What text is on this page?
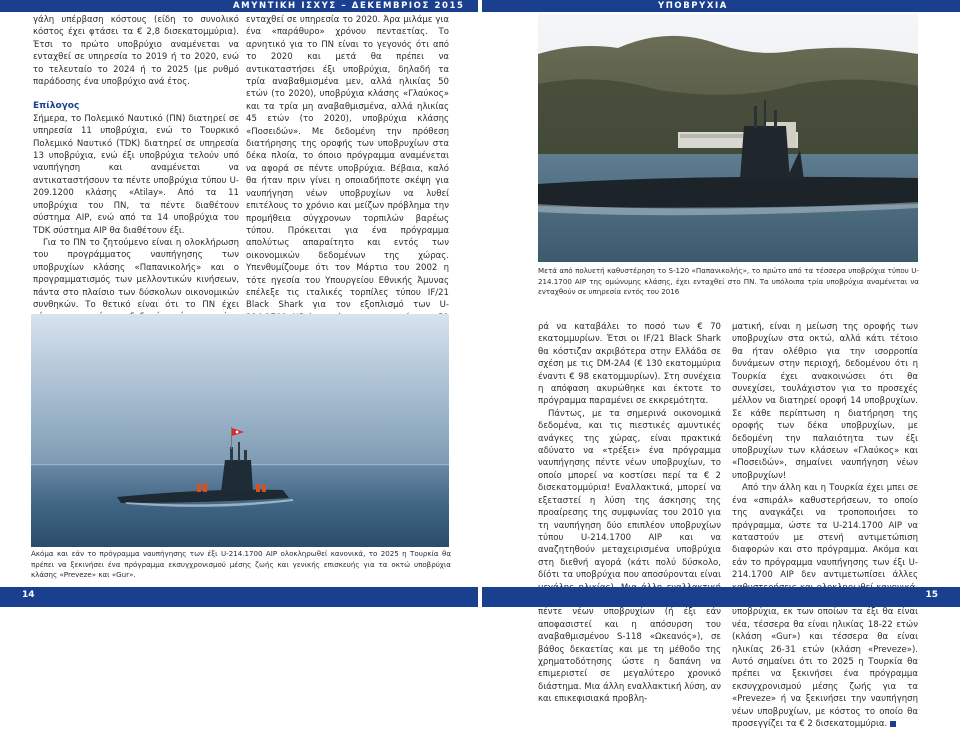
ΑΜΥΝΤΙΚΗ ΙΣΧΥΣ – ΔΕΚΕΜΒΡΙΟΣ 2015	ΥΠΟΒΡΥΧΙΑ

γάλη υπέρβαση κόστους (είδη το συνολικό κόστος έχει φτάσει τα € 2,8 δισεκατομμύρια). Έτσι το πρώτο υποβρύχιο αναμένεται να ενταχθεί σε υπηρεσία το 2019 ή το 2020, ενώ το τελευταίο το 2024 ή το 2025 (με ρυθμό παράδοσης ένα υποβρύχιο ανά έτος.

Επίλογος

Σήμερα, το Πολεμικό Ναυτικό (ΠΝ) διατηρεί σε υπηρεσία 11 υποβρύχια, ενώ το Τουρκικό Πολεμικό Ναυτικό (ΤDK) διατηρεί σε υπηρεσία 13 υποβρύχια, ενώ έξι υποβρύχια τελούν υπό ναυπήγηση και αναμένεται να αντικαταστήσουν τα πέντε υποβρύχια τύπου U-209.1200 κλάσης «Atilay». Από τα 11 υποβρύχια του ΠΝ, τα πέντε διαθέτουν σύστημα AIP, ενώ από τα 14 υποβρύχια του TDK σύστημα AIP θα διαθέτουν έξι.

Για το ΠΝ το ζητούμενο είναι η ολοκλήρωση του προγράμματος ναυπήγησης των υποβρυχίων κλάσης «Παπανικολής» και ο προγραμματισμός των μελλοντικών κινήσεων, πάντα στο πλαίσιο των δύσκολων οικονομικών συνθηκών. Το θετικό είναι ότι το ΠΝ έχει

ενταχθεί σε υπηρεσία το 2020. Άρα μιλάμε για ένα «παράθυρο» χρόνου πενταετίας. Το αρνητικό για το ΠΝ είναι το γεγονός ότι από το 2020 και μετά θα πρέπει να αντικαταστήσει έξι υποβρύχια, δηλαδή τα τρία αναβαθμισμένα μεν, αλλά ηλικίας 50 ετών (το 2020), υποβρύχια κλάσης «Γλαύκος» και τα τρία μη αναβαθμισμένα, αλλά ηλικίας 45 ετών (το 2020), υποβρύχια κλάσης «Ποσειδών». Με δεδομένη την πρόθεση διατήρησης της οροφής των υποβρυχίων στα δέκα πλοία, το όποιο πρόγραμμα αναμένεται να αφορά σε πέντε υποβρύχια. Βέβαια, καλό θα ήταν πριν γίνει η οποιαδήποτε σκέψη για ναυπήγηση νέων υποβρυχίων να λυθεί επιτέλους το χρόνιο και μείζων πρόβλημα την προμήθεια σύγχρονων τορπιλών βαρέως τύπου. Πρόκειται για ένα πρόγραμμα απολύτως απαραίτητο και εντός των οικονομικών δεδομένων της χώρας. Υπενθυμίζουμε ότι τον Μάρτιο του 2002 η τότε ηγεσία του Υπουργείου Εθνικής Άμυνας επέλεξε τις ιταλικές τορπίλες τύπου IF/21 Black Shark για τον εξοπλισμό των U-

Ακόμα και εάν το πρόγραμμα ναυπήγησης των έξι U-214.1700 AIP ολοκληρωθεί κανονικά, το 2025 η Τουρκία θα πρέπει να ξεκινήσει ένα πρόγραμμα εκσυγχρονισμού μέσης ζωής και γενικής επισκευής για τα οκτώ υποβρύχια κλάσης «Preveze» και «Gur».
Μετά από πολυετή καθυστέρηση το S-120 «Παπανικολής», το πρώτο από τα τέσσερα υποβρύχια τύπου U-214.1700 AIP της ομώνυμης κλάσης, έχει ενταχθεί στο ΠΝ. Τα υπόλοιπα τρία υποβρύχια αναμένεται να ενταχθούν σε υπηρεσία εντός του 2016

ρά να καταβάλει το ποσό των € 70 εκατομμυρίων. Έτσι οι IF/21 Black Shark θα κόστιζαν ακριβότερα στην Ελλάδα σε σχέση με τις DM-2A4 (€ 130 εκατομμύρια έναντι € 98 εκατομμυρίων). Στη συνέχεια η απόφαση ακυρώθηκε και έκτοτε το πρόγραμμα παραμένει σε εκκρεμότητα.

Πάντως, με τα σημερινά οικονομικά δεδομένα, και τις πιεστικές αμυντικές ανάγκες της χώρας, είναι πρακτικά αδύνατο να «τρέξει» ένα πρόγραμμα ναυπήγησης πέντε νέων υποβρυχίων, το οποίο μπορεί να κοστίσει περί τα € 2 δισεκατομμύρια! Εναλλακτικά, μπορεί να εξεταστεί η λύση της άσκησης της προαίρεσης της συμφωνίας του 2010 για τη ναυπήγηση δύο επιπλέον υποβρυχίων τύπου U-214.1700 AIP και να αναζητηθούν μεταχειρισμένα υποβρύχια στη διεθνή αγορά (κάτι πολύ δύσκολο, δίότι τα υποβρύχια που αποσύρονται είναι πέντε νέων υποβρυχίων (ή έξι εάν αποφασιστεί και η απόσυρση του αναβαθμισμένου S-118 «Ωκεανός»), σε βάθος δεκαετίας και με τη μέθοδο της χρηματοδότησης ώστε η δαπάνη να επιμεριστεί σε μεγαλύτερο χρονικό διάστημα. Μια άλλη εναλλακτική λύση, αν και επικεφισιακά προβλη-

ματική, είναι η μείωση της οροφής των υποβρυχίων στα οκτώ, αλλά κάτι τέτοιο θα ήταν ολέθριο για την ισορροπία δυνάμεων στην περιοχή, δεδομένου ότι η Τουρκία έχει ανακοινώσει ότι θα συνεχίσει, τουλάχιστον για το προσεχές μέλλον να διατηρεί οροφή 14 υποβρυχίων. Σε κάθε περίπτωση η διατήρηση της οροφής των δέκα υποβρυχίων, με δεδομένη την παλαιότητα των έξι υποβρυχίων των κλάσεων «Γλαύκος» και «Ποσειδών», σημαίνει ναυπήγηση νέων υποβρυχίων!

Από την άλλη και η Τουρκία έχει μπει σε ένα «σπιράλ» καθυστερήσεων, το οποίο της αναγκάζει να τροποποιήσει το πρόγραμμα, ώστε τα U-214.1700 AIP να καταστούν με στενή αντιμετώπιση διαφορών και στο πρόγραμμα. Ακόμα και εάν το πρόγραμμα ναυπήγησης των έξι U-214.1700 AIP δεν αντιμετωπίσει άλλες υποβρύχια, εκ των οποίων τα έξι θα είναι νέα, τέσσερα θα είναι ηλικίας 18-22 ετών (κλάση «Gur») και τέσσερα θα είναι ηλικίας 26-31 ετών (κλάση «Preveze»). Αυτό σημαίνει ότι το 2025 η Τουρκία θα πρέπει να ξεκινήσει ένα πρόγραμμα εκσυγχρονισμού μέσης ζωής για τα «Preveze» ή να ξεκινήσει την ναυπήγηση νέων υποβρυχίων, με κόστος το οποίο θα προσεγγίζει τα € 2 δισεκατομμύρια.

14	15
